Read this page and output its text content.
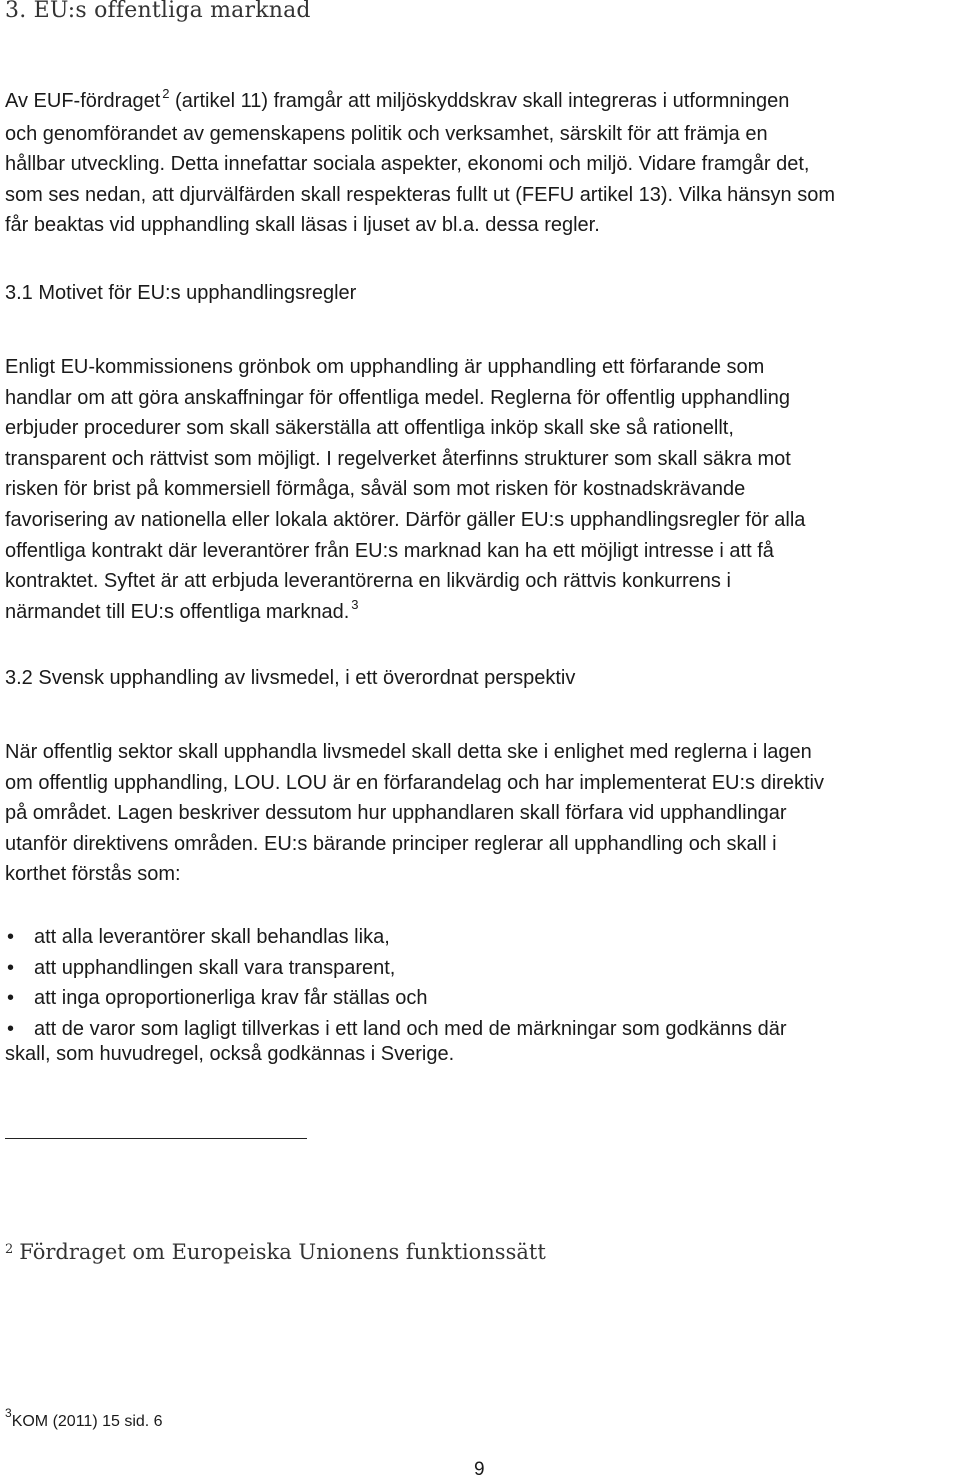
3. EU:s offentliga marknad
Av EUF-fördraget $^2$ (artikel 11) framgår att miljöskyddskrav skall integreras i utformningen
och genomförandet av gemenskapens politik och verksamhet, särskilt för att främja en
hållbar utveckling. Detta innefattar sociala aspekter, ekonomi och miljö. Vidare framgår det,
som ses nedan, att djurvälfärden skall respekteras fullt ut (FEFU artikel 13). Vilka hänsyn som
får beaktas vid upphandling skall läsas i ljuset av bl.a. dessa regler.
3.1 Motivet för EU:s upphandlingsregler
Enligt EU-kommissionens grönbok om upphandling är upphandling ett förfarande som
handlar om att göra anskaffningar för offentliga medel. Reglerna för offentlig upphandling
erbjuder procedurer som skall säkerställa att offentliga inköp skall ske så rationellt,
transparent och rättvist som möjligt. I regelverket återfinns strukturer som skall säkra mot
risken för brist på kommersiell förmåga, såväl som mot risken för kostnadskrävande
favorisering av nationella eller lokala aktörer. Därför gäller EU:s upphandlingsregler för alla
offentliga kontrakt där leverantörer från EU:s marknad kan ha ett möjligt intresse i att få
kontraktet. Syftet är att erbjuda leverantörerna en likvärdig och rättvis konkurrens i
närmandet till EU:s offentliga marknad. $^3$
3.2 Svensk upphandling av livsmedel, i ett överordnat perspektiv
När offentlig sektor skall upphandla livsmedel skall detta ske i enlighet med reglerna i lagen
om offentlig upphandling, LOU. LOU är en förfarandelag och har implementerat EU:s direktiv
på området. Lagen beskriver dessutom hur upphandlaren skall förfara vid upphandlingar
utanför direktivens områden. EU:s bärande principer reglerar all upphandling och skall i
korthet förstås som:
• att alla leverantörer skall behandlas lika,
• att upphandlingen skall vara transparent,
• att inga oproportionerliga krav får ställas och
• att de varor som lagligt tillverkas i ett land och med de märkningar som godkänns där
skall, som huvudregel, också godkännas i Sverige.
$^2$ Fördraget om Europeiska Unionens funktionssätt
$^3$KOM (2011) 15 sid. 6
9
